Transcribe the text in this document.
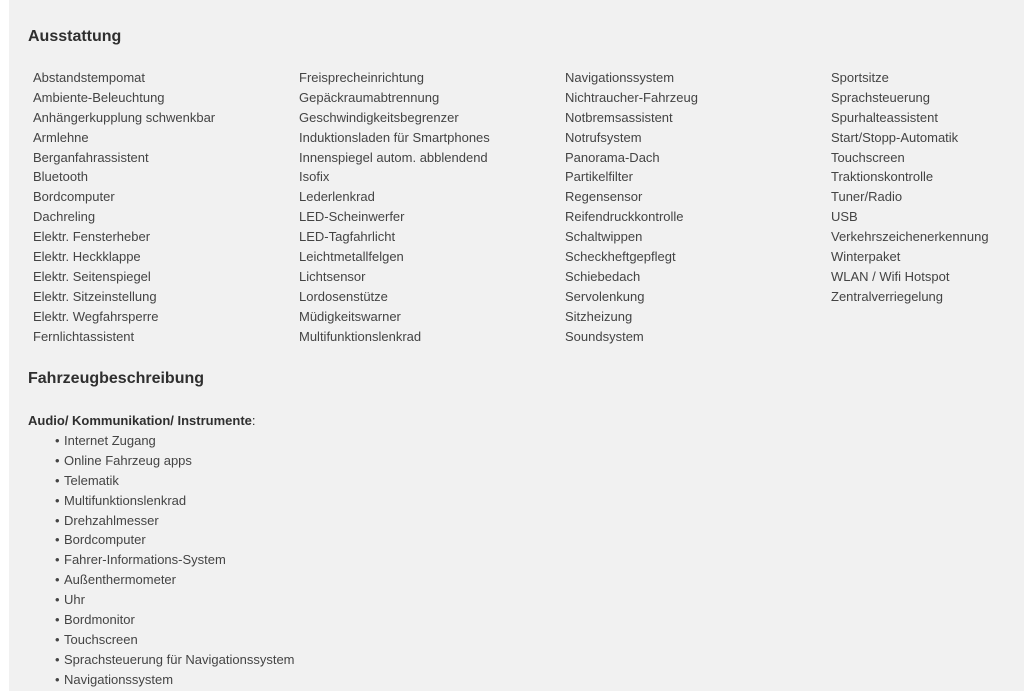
Ausstattung
Abstandstempomat
Ambiente-Beleuchtung
Anhängerkupplung schwenkbar
Armlehne
Berganfahrassistent
Bluetooth
Bordcomputer
Dachreling
Elektr. Fensterheber
Elektr. Heckklappe
Elektr. Seitenspiegel
Elektr. Sitzeinstellung
Elektr. Wegfahrsperre
Fernlichtassistent
Freisprecheinrichtung
Gepäckraumabtrennung
Geschwindigkeitsbegrenzer
Induktionsladen für Smartphones
Innenspiegel autom. abblendend
Isofix
Lederlenkrad
LED-Scheinwerfer
LED-Tagfahrlicht
Leichtmetallfelgen
Lichtsensor
Lordosenstütze
Müdigkeitswarner
Multifunktionslenkrad
Navigationssystem
Nichtraucher-Fahrzeug
Notbremsassistent
Notrufsystem
Panorama-Dach
Partikelfilter
Regensensor
Reifendruckkontrolle
Schaltwippen
Scheckheftgepflegt
Schiebedach
Servolenkung
Sitzheizung
Soundsystem
Sportsitze
Sprachsteuerung
Spurhalteassistent
Start/Stopp-Automatik
Touchscreen
Traktionskontrolle
Tuner/Radio
USB
Verkehrszeichenerkennung
Winterpaket
WLAN / Wifi Hotspot
Zentralverriegelung
Fahrzeugbeschreibung
Audio/ Kommunikation/ Instrumente:
• Internet Zugang
• Online Fahrzeug apps
• Telematik
• Multifunktionslenkrad
• Drehzahlmesser
• Bordcomputer
• Fahrer-Informations-System
• Außenthermometer
• Uhr
• Bordmonitor
• Touchscreen
• Sprachsteuerung für Navigationssystem
• Navigationssystem
